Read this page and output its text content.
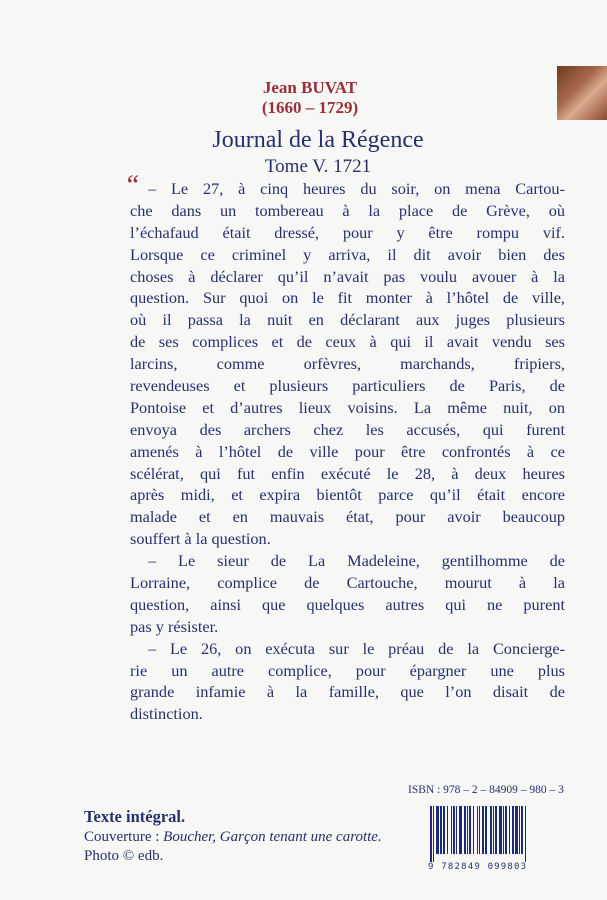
Jean BUVAT
(1660 – 1729)
Journal de la Régence
Tome V. 1721
“ – Le 27, à cinq heures du soir, on mena Cartou-
che dans un tombereau à la place de Grève, où
l’échafaud était dressé, pour y être rompu vif.
Lorsque ce criminel y arriva, il dit avoir bien des
choses à déclarer qu’il n’avait pas voulu avouer à la
question. Sur quoi on le fit monter à l’hôtel de ville,
où il passa la nuit en déclarant aux juges plusieurs
de ses complices et de ceux à qui il avait vendu ses
larcins, comme orfèvres, marchands, fripiers,
revendeuses et plusieurs particuliers de Paris, de
Pontoise et d’autres lieux voisins. La même nuit, on
envoya des archers chez les accusés, qui furent
amenés à l’hôtel de ville pour être confrontés à ce
scélérat, qui fut enfin exécuté le 28, à deux heures
après midi, et expira bientôt parce qu’il était encore
malade et en mauvais état, pour avoir beaucoup
souffert à la question.
– Le sieur de La Madeleine, gentilhomme de
Lorraine, complice de Cartouche, mourut à la
question, ainsi que quelques autres qui ne purent
pas y résister.
– Le 26, on exécuta sur le préau de la Concierge-
rie un autre complice, pour épargner une plus
grande infamie à la famille, que l’on disait de
distinction.
ISBN : 978 – 2 – 84909 – 980 – 3
9 782849 099803
Texte intégral.
Couverture : Boucher, Garçon tenant une carotte.
Photo © edb.
